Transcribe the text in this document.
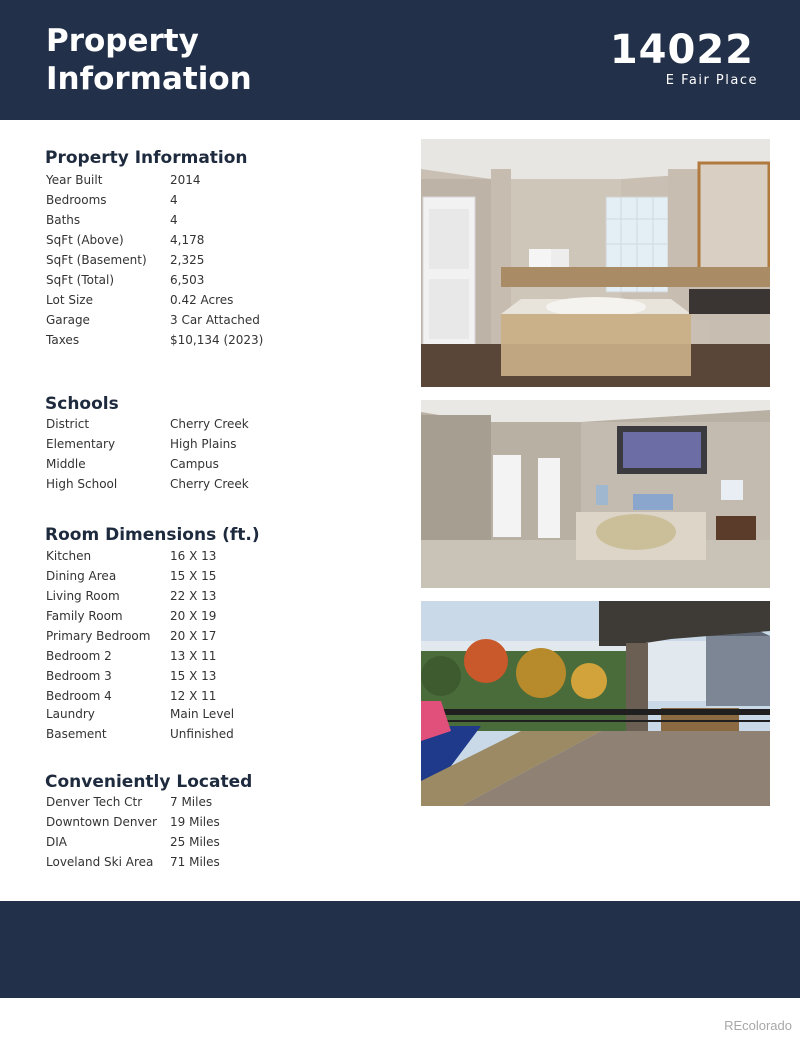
Property
Information
14022
E Fair Place
Property Information
Year Built	2014
Bedrooms	4
Baths	4
SqFt (Above)	4,178
SqFt (Basement) 2,325
SqFt (Total)	6,503
Lot Size	0.42 Acres
Garage	3 Car Attached
Taxes	$10,134 (2023)
Schools
District	Cherry Creek
Elementary	High Plains
Middle	Campus
High School	Cherry Creek
Room Dimensions (ft.)
Kitchen	16 X 13
Dining Area	15 X 15
Living Room	22 X 13
Family Room	20 X 19
Primary Bedroom 20 X 17
Bedroom 2	13 X 11
Bedroom 3	15 X 13
Bedroom 4	12 X 11
Laundry	Main Level
Basement	Unfinished
Conveniently Located
Denver Tech Ctr 7 Miles
Downtown Denver 19 Miles
DIA	25 Miles
Loveland Ski Area 71 Miles
REcolorado
